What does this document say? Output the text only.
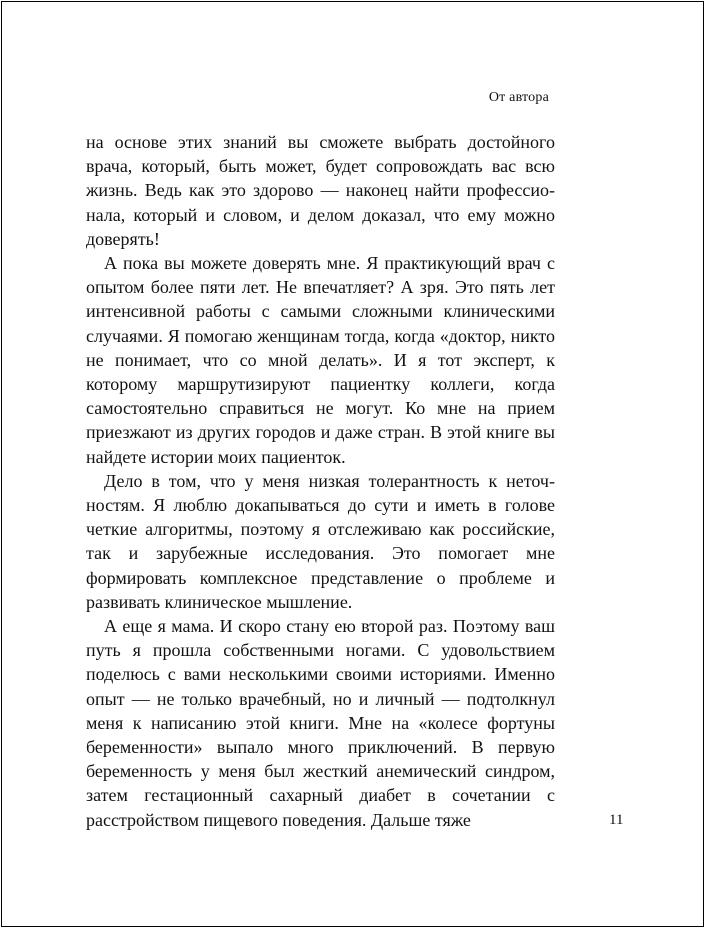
От автора

на основе этих знаний вы сможете выбрать достойного врача, который, быть может, будет сопровождать вас всю жизнь. Ведь как это здорово — наконец найти профессионала, который и словом, и делом доказал, что ему можно доверять!

А пока вы можете доверять мне. Я практикующий врач с опытом более пяти лет. Не впечатляет? А зря. Это пять лет интенсивной работы с самыми сложными клиническими случаями. Я помогаю женщинам тогда, когда «доктор, никто не понимает, что со мной делать». И я тот эксперт, к которому маршрутизируют пациентку коллеги, когда самостоятельно справиться не могут. Ко мне на прием приезжают из других городов и даже стран. В этой книге вы найдете истории моих пациенток.

Дело в том, что у меня низкая толерантность к неточностям. Я люблю докапываться до сути и иметь в голове четкие алгоритмы, поэтому я отслеживаю как российские, так и зарубежные исследования. Это помогает мне формировать комплексное представление о проблеме и развивать клиническое мышление.

А еще я мама. И скоро стану ею второй раз. Поэтому ваш путь я прошла собственными ногами. С удовольствием поделюсь с вами несколькими своими историями. Именно опыт — не только врачебный, но и личный — подтолкнул меня к написанию этой книги. Мне на «колесе фортуны беременности» выпало много приключений. В первую беременность у меня был жесткий анемический синдром, затем гестационный сахарный диабет в сочетании с расстройством пищевого поведения. Дальше тяже	11
